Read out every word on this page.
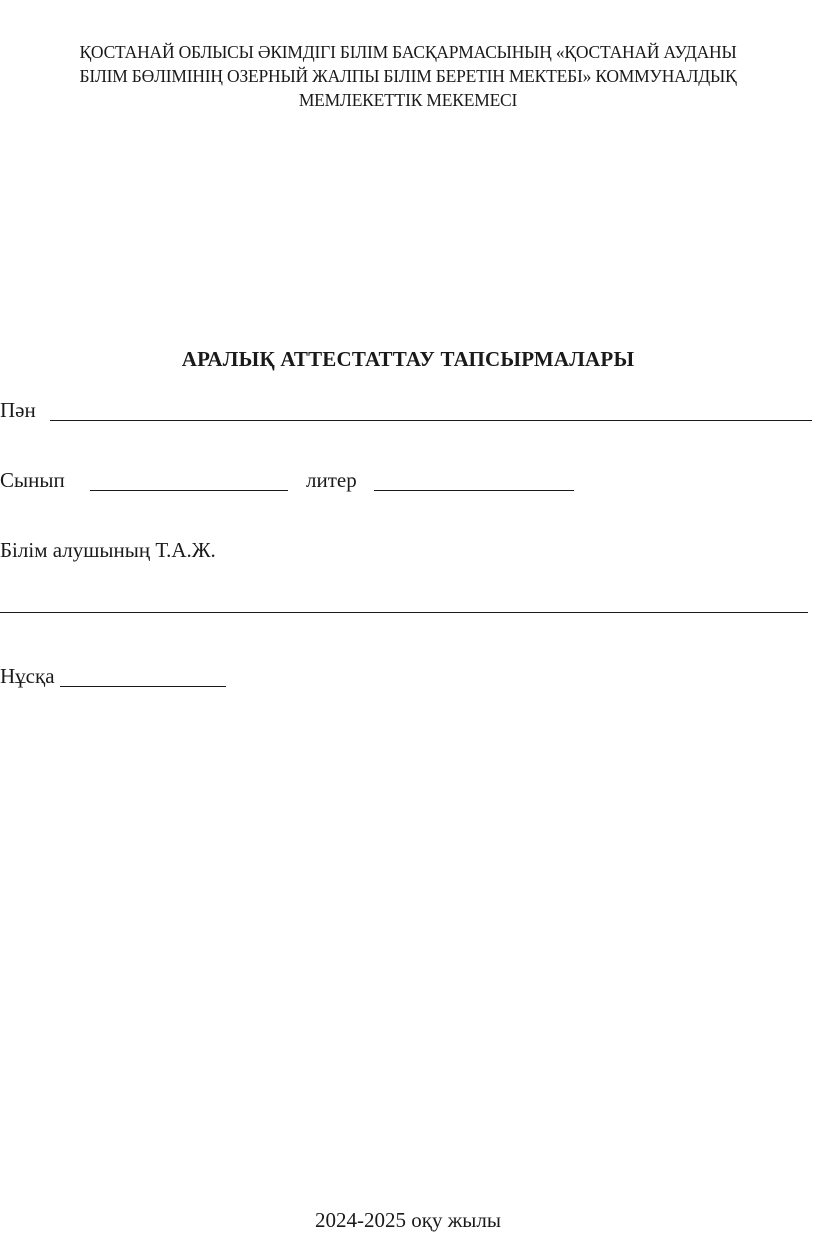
ҚОСТАНАЙ ОБЛЫСЫ ӘКІМДІГІ БІЛІМ БАСҚАРМАСЫНЫҢ «ҚОСТАНАЙ АУДАНЫ
БІЛІМ БӨЛІМІНІҢ ОЗЕРНЫЙ ЖАЛПЫ БІЛІМ БЕРЕТІН МЕКТЕБІ» КОММУНАЛДЫҚ
МЕМЛЕКЕТТІК МЕКЕМЕСІ
АРАЛЫҚ АТТЕСТАТТАУ ТАПСЫРМАЛАРЫ
Пән
Сынып	литер
Білім алушының Т.А.Ж.
Нұсқа
2024-2025 оқу жылы
